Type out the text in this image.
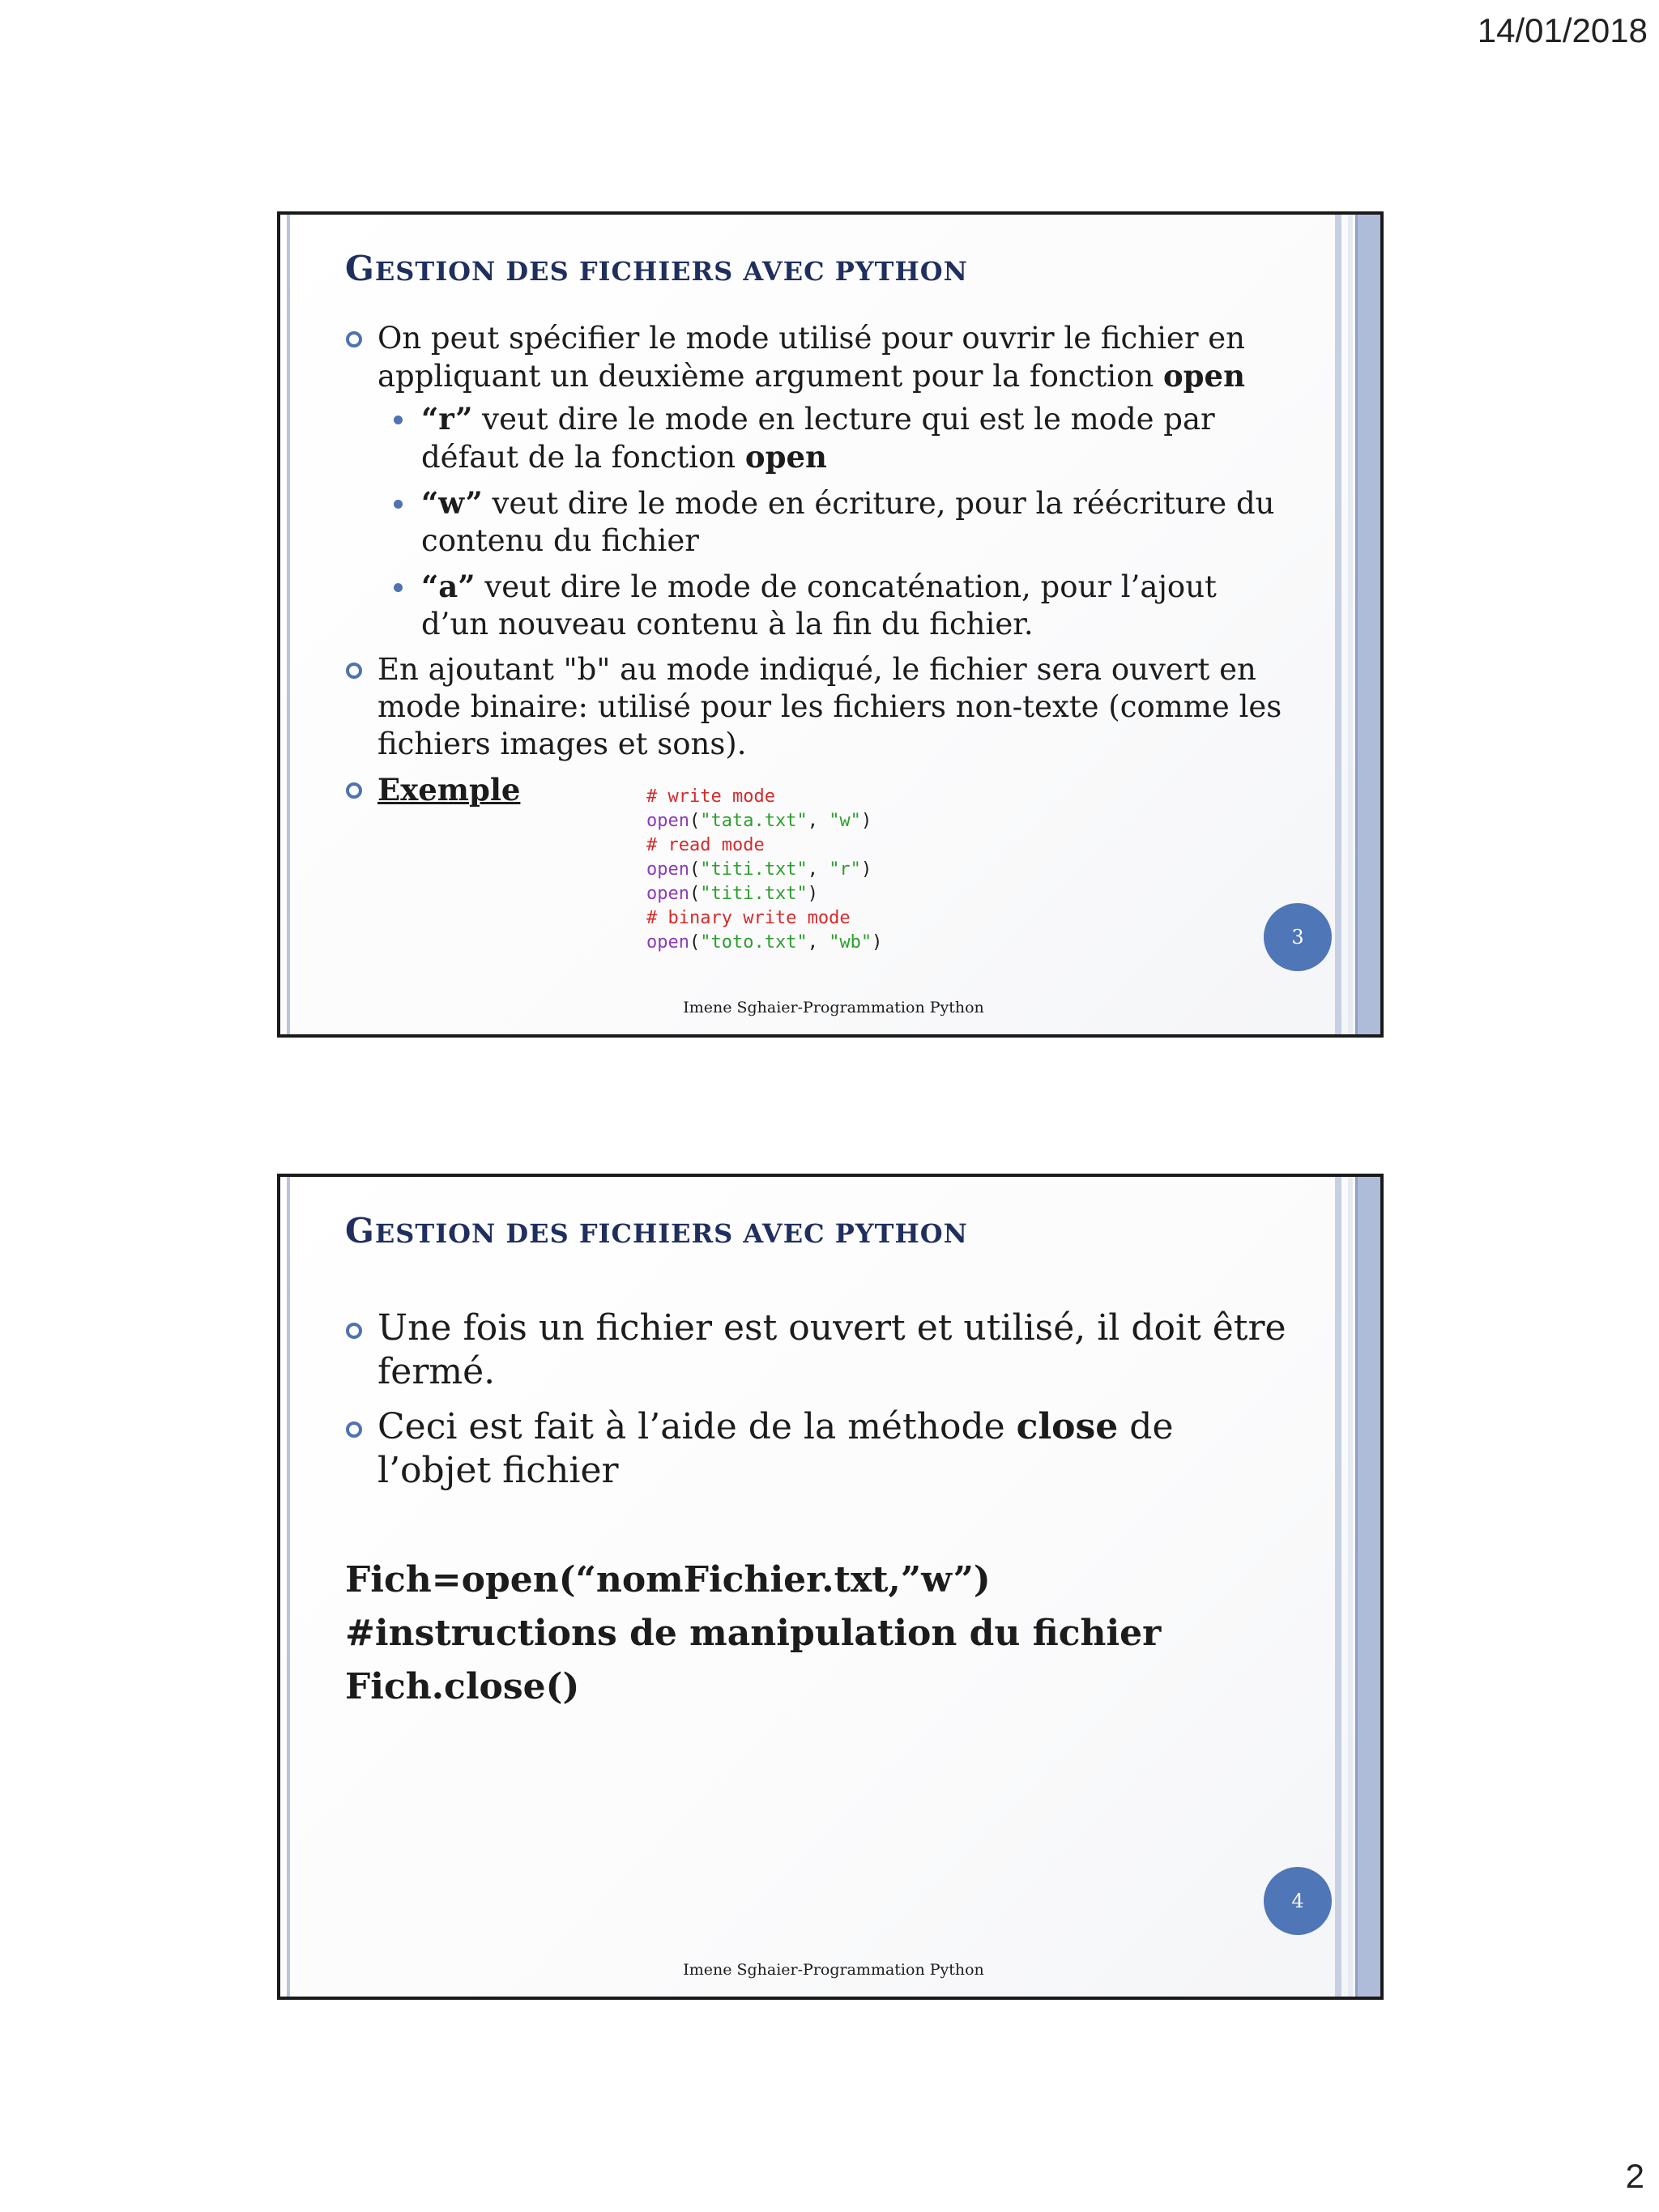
14/01/2018
GESTION DES FICHIERS AVEC PYTHON
On peut spécifier le mode utilisé pour ouvrir le fichier en appliquant un deuxième argument pour la fonction open
“r” veut dire le mode en lecture qui est le mode par défaut de la fonction open
“w” veut dire le mode en écriture, pour la réécriture du contenu du fichier
“a” veut dire le mode de concaténation, pour l’ajout d’un nouveau contenu à la fin du fichier.
En ajoutant "b" au mode indiqué, le fichier sera ouvert en mode binaire: utilisé pour les fichiers non-texte (comme les fichiers images et sons).
Exemple	# write mode
open("tata.txt", "w")
# read mode
open("titi.txt", "r")
open("titi.txt")
# binary write mode
open("toto.txt", "wb")	3
Imene Sghaier-Programmation Python
GESTION DES FICHIERS AVEC PYTHON
Une fois un fichier est ouvert et utilisé, il doit être fermé.
Ceci est fait à l’aide de la méthode close de l’objet fichier
Fich=open(“nomFichier.txt,”w”)
#instructions de manipulation du fichier
Fich.close()
4
Imene Sghaier-Programmation Python
2
